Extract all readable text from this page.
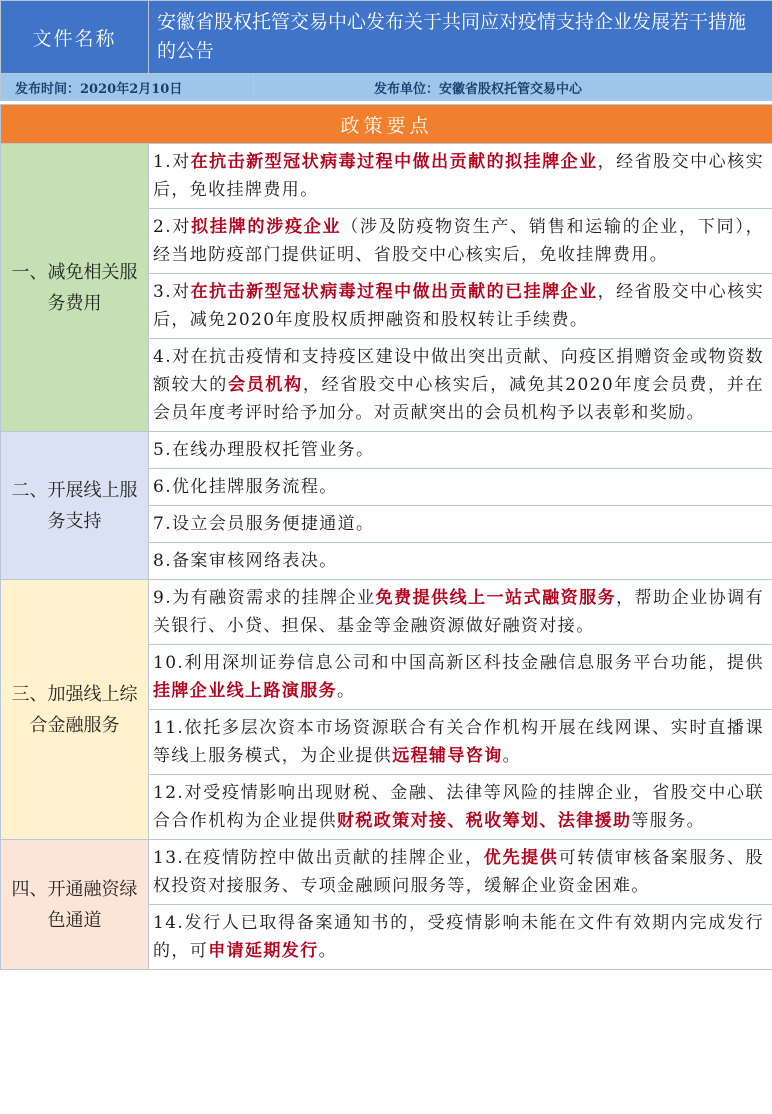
文件名称	安徽省股权托管交易中心发布关于共同应对疫情支持企业发展若干措施的公告	
发布时间：2020年2月10日		发布单位：安徽省股权托管交易中心

政策要点		
一、减免相关服务费用	1.对在抗击新型冠状病毒过程中做出贡献的拟挂牌企业，经省股交中心核实后，免收挂牌费用。	
	2.对拟挂牌的涉疫企业（涉及防疫物资生产、销售和运输的企业，下同），经当地防疫部门提供证明、省股交中心核实后，免收挂牌费用。	
	3.对在抗击新型冠状病毒过程中做出贡献的已挂牌企业，经省股交中心核实后，减免2020年度股权质押融资和股权转让手续费。	
	4.对在抗击疫情和支持疫区建设中做出突出贡献、向疫区捐赠资金或物资数额较大的会员机构，经省股交中心核实后，减免其2020年度会员费，并在会员年度考评时给予加分。对贡献突出的会员机构予以表彰和奖励。	
二、开展线上服务支持	5.在线办理股权托管业务。	
	6.优化挂牌服务流程。	
	7.设立会员服务便捷通道。	
	8.备案审核网络表决。	
三、加强线上综合金融服务	9.为有融资需求的挂牌企业免费提供线上一站式融资服务，帮助企业协调有关银行、小贷、担保、基金等金融资源做好融资对接。	
	10.利用深圳证券信息公司和中国高新区科技金融信息服务平台功能，提供挂牌企业线上路演服务。	
	11.依托多层次资本市场资源联合有关合作机构开展在线网课、实时直播课等线上服务模式，为企业提供远程辅导咨询。	
	12.对受疫情影响出现财税、金融、法律等风险的挂牌企业，省股交中心联合合作机构为企业提供财税政策对接、税收筹划、法律援助等服务。	
四、开通融资绿色通道	13.在疫情防控中做出贡献的挂牌企业，优先提供可转债审核备案服务、股权投资对接服务、专项金融顾问服务等，缓解企业资金困难。	
	14.发行人已取得备案通知书的，受疫情影响未能在文件有效期内完成发行的，可申请延期发行。	
